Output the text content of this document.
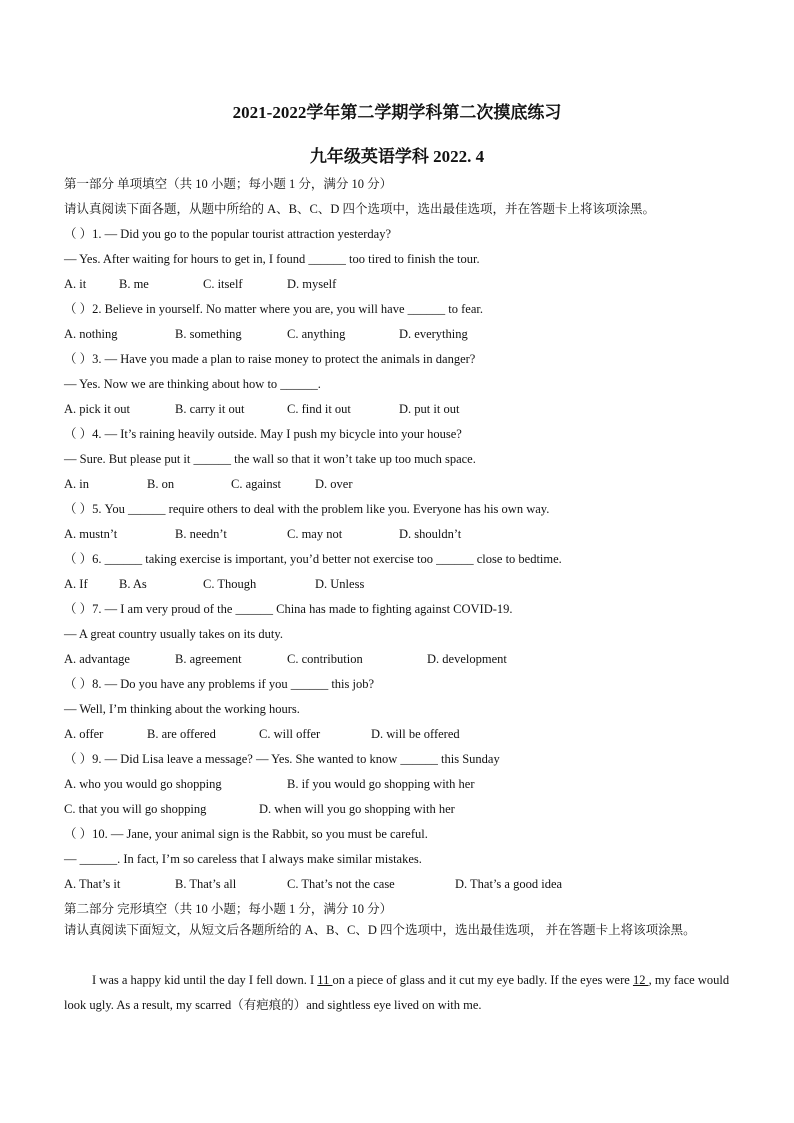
2021-2022学年第二学期学科第二次摸底练习
九年级英语学科 2022. 4
第一部分 单项填空（共 10 小题；每小题 1 分，满分 10 分）
请认真阅读下面各题，从题中所给的 A、B、C、D 四个选项中，选出最佳选项，并在答题卡上将该项涂黑。
（ ）1. — Did you go to the popular tourist attraction yesterday?
— Yes. After waiting for hours to get in, I found ______ too tired to finish the tour.
A. it	B. me	C. itself	D. myself
（ ）2. Believe in yourself. No matter where you are, you will have ______ to fear.
A. nothing	B. something	C. anything	D. everything
（ ）3. — Have you made a plan to raise money to protect the animals in danger?
— Yes. Now we are thinking about how to ______.
A. pick it out	B. carry it out	C. find it out	D. put it out
（ ）4. — It’s raining heavily outside. May I push my bicycle into your house?
— Sure. But please put it ______ the wall so that it won’t take up too much space.
A. in	B. on	C. against	D. over
（ ）5. You ______ require others to deal with the problem like you. Everyone has his own way.
A. mustn’t	B. needn’t	C. may not	D. shouldn’t
（ ）6. ______ taking exercise is important, you’d better not exercise too ______ close to bedtime.
A. If	B. As	C. Though	D. Unless
（ ）7. — I am very proud of the ______ China has made to fighting against COVID-19.
— A great country usually takes on its duty.
A. advantage	B. agreement	C. contribution	D. development
（ ）8. — Do you have any problems if you ______ this job?
— Well, I’m thinking about the working hours.
A. offer	B. are offered	C. will offer	D. will be offered
（ ）9. — Did Lisa leave a message? — Yes. She wanted to know ______ this Sunday
A. who you would go shopping	B. if you would go shopping with her
C. that you will go shopping	D. when will you go shopping with her
（ ）10. — Jane, your animal sign is the Rabbit, so you must be careful.
— ______. In fact, I’m so careless that I always make similar mistakes.
A. That’s it	B. That’s all	C. That’s not the case	D. That’s a good idea
第二部分 完形填空（共 10 小题；每小题 1 分，满分 10 分）
请认真阅读下面短文，从短文后各题所给的 A、B、C、D 四个选项中，选出最佳选项， 并在答题卡上将该项涂黑。
I was a happy kid until the day I fell down. I 11 on a piece of glass and it cut my eye badly. If the eyes were 12 , my face would look ugly. As a result, my scarred（有疤痕的）and sightless eye lived on with me.
